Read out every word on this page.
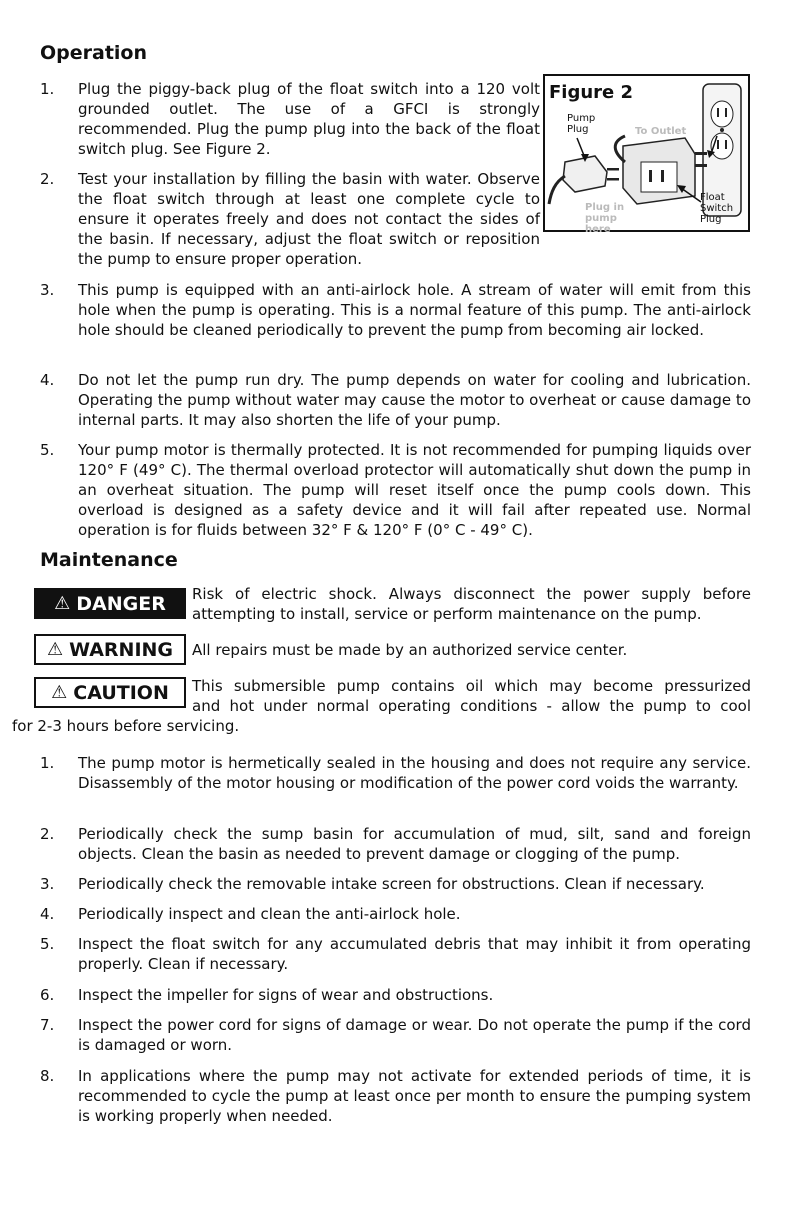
Operation
1. Plug the piggy-back plug of the float switch into a 120 volt grounded outlet. The use of a GFCI is strongly recommended. Plug the pump plug into the back of the float switch plug. See Figure 2.
2. Test your installation by filling the basin with water. Observe the float switch through at least one complete cycle to ensure it operates freely and does not contact the sides of the basin. If necessary, adjust the float switch or reposition the pump to ensure proper operation.
3. This pump is equipped with an anti-airlock hole. A stream of water will emit from this hole when the pump is operating. This is a normal feature of this pump. The anti-airlock hole should be cleaned periodically to prevent the pump from becoming air locked.
4. Do not let the pump run dry. The pump depends on water for cooling and lubrication. Operating the pump without water may cause the motor to overheat or cause damage to internal parts. It may also shorten the life of your pump.
5. Your pump motor is thermally protected. It is not recommended for pumping liquids over 120° F (49° C). The thermal overload protector will automatically shut down the pump in an overheat situation. The pump will reset itself once the pump cools down. This overload is designed as a safety device and it will fail after repeated use. Normal operation is for fluids between 32° F & 120° F (0° C - 49° C).
Figure 2
Pump Plug	To Outlet
Plug in pump here
Float Switch Plug
Maintenance
⚠ DANGER Risk of electric shock. Always disconnect the power supply before attempting to install, service or perform maintenance on the pump.
⚠ WARNING All repairs must be made by an authorized service center.
⚠ CAUTION This submersible pump contains oil which may become pressurized
and hot under normal operating conditions - allow the pump to cool
for 2-3 hours before servicing.
1. The pump motor is hermetically sealed in the housing and does not require any service. Disassembly of the motor housing or modification of the power cord voids the warranty.
2. Periodically check the sump basin for accumulation of mud, silt, sand and foreign objects. Clean the basin as needed to prevent damage or clogging of the pump.
3. Periodically check the removable intake screen for obstructions. Clean if necessary.
4. Periodically inspect and clean the anti-airlock hole.
5. Inspect the float switch for any accumulated debris that may inhibit it from operating properly. Clean if necessary.
6. Inspect the impeller for signs of wear and obstructions.
7. Inspect the power cord for signs of damage or wear. Do not operate the pump if the cord is damaged or worn.
8. In applications where the pump may not activate for extended periods of time, it is recommended to cycle the pump at least once per month to ensure the pumping system is working properly when needed.
